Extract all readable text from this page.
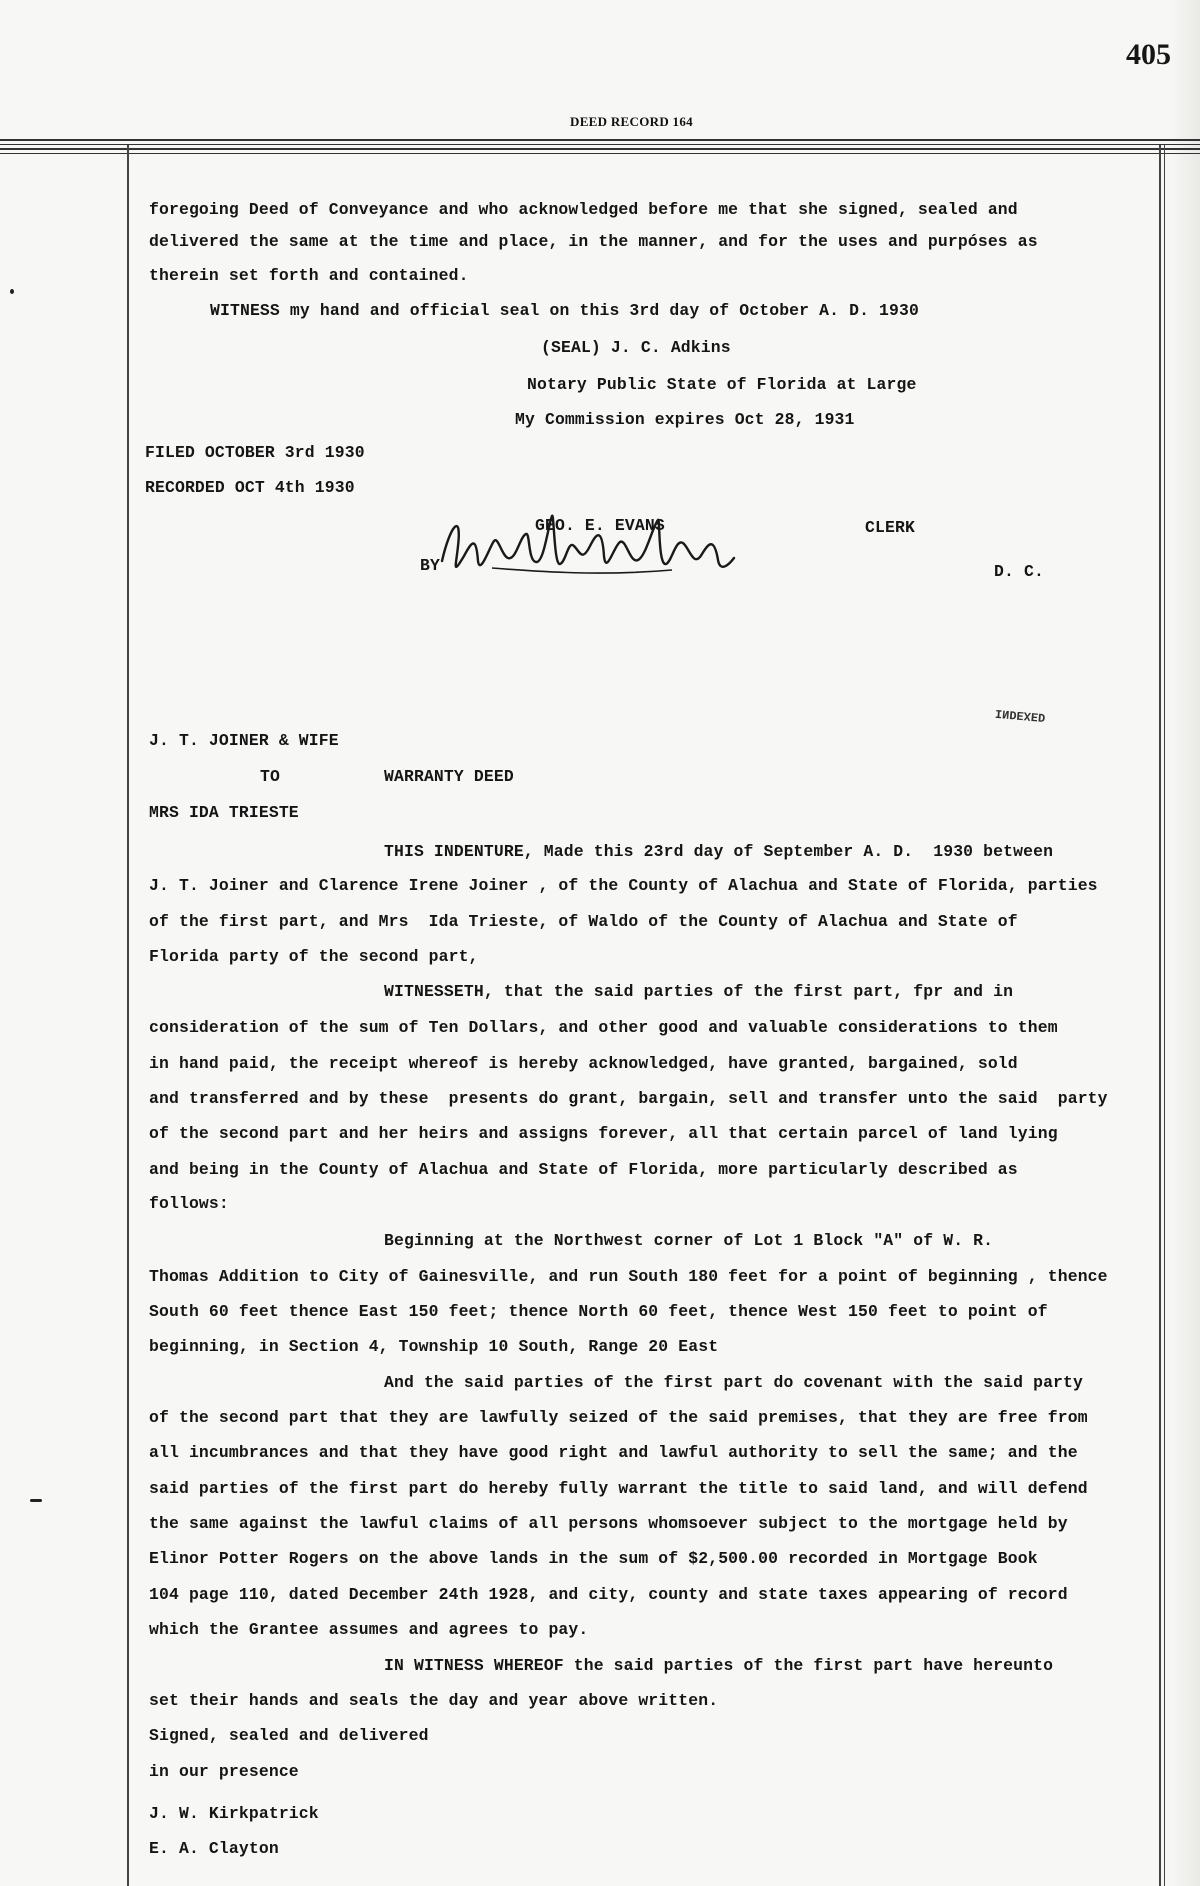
405
DEED RECORD 164
foregoing Deed of Conveyance and who acknowledged before me that she signed, sealed and
delivered the same at the time and place, in the manner, and for the uses and purpóses as
therein set forth and contained.
WITNESS my hand and official seal on this 3rd day of October A. D. 1930
(SEAL) J. C. Adkins
Notary Public State of Florida at Large
My Commission expires Oct 28, 1931
FILED OCTOBER 3rd 1930
RECORDED OCT 4th 1930
GEO. E. EVANS	CLERK
BY	D. C.
INDEXED
J. T. JOINER & WIFE
TO	WARRANTY DEED
MRS IDA TRIESTE
THIS INDENTURE, Made this 23rd day of September A. D.  1930 between
J. T. Joiner and Clarence Irene Joiner , of the County of Alachua and State of Florida, parties
of the first part, and Mrs  Ida Trieste, of Waldo of the County of Alachua and State of
Florida party of the second part,
WITNESSETH, that the said parties of the first part, fpr and in
consideration of the sum of Ten Dollars, and other good and valuable considerations to them
in hand paid, the receipt whereof is hereby acknowledged, have granted, bargained, sold
and transferred and by these  presents do grant, bargain, sell and transfer unto the said  party
of the second part and her heirs and assigns forever, all that certain parcel of land lying
and being in the County of Alachua and State of Florida, more particularly described as
follows:
Beginning at the Northwest corner of Lot 1 Block "A" of W. R.
Thomas Addition to City of Gainesville, and run South 180 feet for a point of beginning , thence
South 60 feet thence East 150 feet; thence North 60 feet, thence West 150 feet to point of
beginning, in Section 4, Township 10 South, Range 20 East
And the said parties of the first part do covenant with the said party
of the second part that they are lawfully seized of the said premises, that they are free from
all incumbrances and that they have good right and lawful authority to sell the same; and the
said parties of the first part do hereby fully warrant the title to said land, and will defend
the same against the lawful claims of all persons whomsoever subject to the mortgage held by
Elinor Potter Rogers on the above lands in the sum of $2,500.00 recorded in Mortgage Book
104 page 110, dated December 24th 1928, and city, county and state taxes appearing of record
which the Grantee assumes and agrees to pay.
IN WITNESS WHEREOF the said parties of the first part have hereunto
set their hands and seals the day and year above written.
Signed, sealed and delivered
in our presence
J. W. Kirkpatrick
E. A. Clayton
